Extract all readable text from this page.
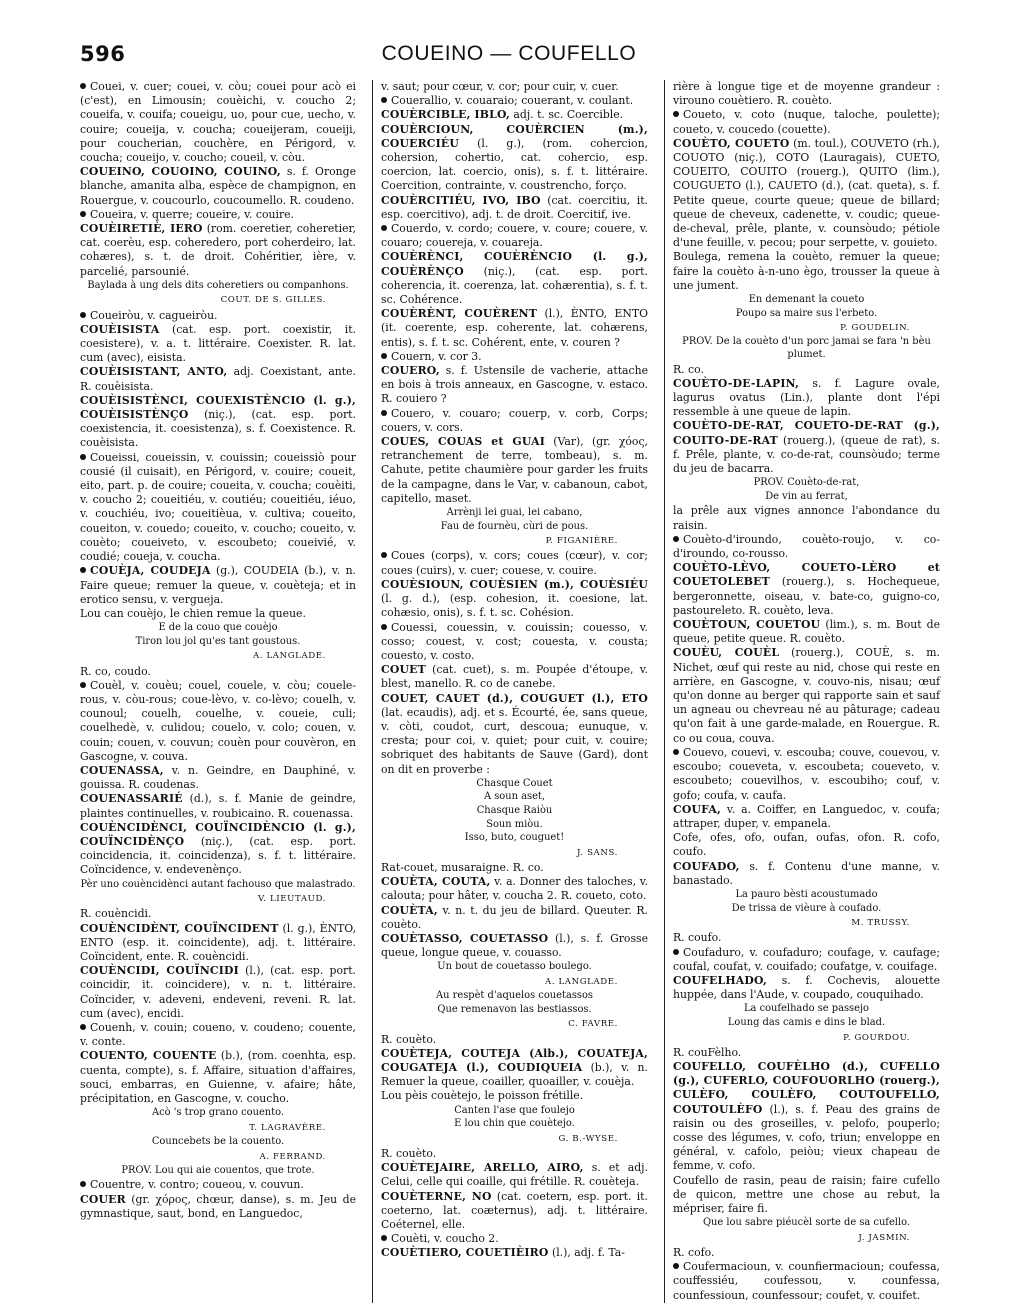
596	COUEINO — COUFELLO

Couei, v. cuer; couei, v. còu; couei pour acò ei (c'est), en Limousin; couèichi, v. coucho 2; coueifa, v. couifa; coueigu, uo, pour cue, uecho, v. couire; coueija, v. coucha; coueijeram, coueiji, pour coucherian, couchère, en Périgord, v. coucha; coueijo, v. coucho; coueil, v. còu.

COUEINO, COUOINO, COUINO, s. f. Oronge blanche, amanita alba, espèce de champignon, en Rouergue, v. coucourlo, coucoumello. R. coudeno.

Coueira, v. querre; coueire, v. couire.

COUÈIRETIÈ, IERO (rom. coeretier, coheretier, cat. coerèu, esp. coheredero, port coherdeiro, lat. cohæres), s. t. de droit. Cohéritier, ière, v. parcelié, parsounié.

Baylada à ung dels dits coheretiers ou companhons.
COUT. DE S. GILLES.

Coueiròu, v. cagueiròu.

COUÈISISTA (cat. esp. port. coexistir, it. coesistere), v. a. t. littéraire. Coexister. R. lat. cum (avec), eisista.

COUÈISISTANT, ANTO, adj. Coexistant, ante. R. couèisista.

COUÈISISTÈNCI, COUEXISTÈNCIO (l. g.), COUÈISISTÈNÇO (niç.), (cat. esp. port. coexistencia, it. coesistenza), s. f. Coexistence. R. couèisista.

Coueissi, coueissin, v. couissin; coueissiò pour cousié (il cuisait), en Périgord, v. couire; coueit, eito, part. p. de couire; coueita, v. coucha; couèiti, v. coucho 2; coueitiéu, v. coutiéu; coueitiéu, iéuo, v. couchiéu, ivo; coueitièua, v. cultiva; coueito, coueiton, v. couedo; coueito, v. coucho; coueito, v. couèto; coueiveto, v. escoubeto; coueivié, v. coudié; coueja, v. coucha.

COUÈJA, COUDEJA (g.), COUDEIA (b.), v. n. Faire queue; remuer la queue, v. couèteja; et in erotico sensu, v. vergueja.

Lou can couèjo, le chien remue la queue.

E de la couo que couèjo
Tiron lou jol qu'es tant goustous.
A. LANGLADE.

R. co, coudo.

Couèl, v. couèu; couel, couele, v. còu; couele-rous, v. còu-rous; coue-lèvo, v. co-lèvo; couelh, v. counoul; couelh, couelhe, v. coueie, culi; couelhedè, v. culidou; couelo, v. colo; couen, v. couin; couen, v. couvun; couèn pour couvèron, en Gascogne, v. couva.

COUENASSA, v. n. Geindre, en Dauphiné, v. gouissa. R. coudenas.

COUENASSARIÉ (d.), s. f. Manie de geindre, plaintes continuelles, v. roubicaino. R. couenassa.

COUÈNCIDÈNCI, COUÏNCIDÈNCIO (l. g.), COUÏNCIDÈNÇO (niç.), (cat. esp. port. coincidencia, it. coincidenza), s. f. t. littéraire. Coïncidence, v. endevenènço.

Pèr uno couèncidènci autant fachouso que malastrado.
V. LIEUTAUD.

R. couèncidi.

COUÈNCIDÈNT, COUÏNCIDENT (l. g.), ÈNTO, ENTO (esp. it. coincidente), adj. t. littéraire. Coïncident, ente. R. couèncidi.

COUÈNCIDI, COUÏNCIDI (l.), (cat. esp. port. coincidir, it. coincidere), v. n. t. littéraire. Coïncider, v. adeveni, endeveni, reveni. R. lat. cum (avec), encidi.

Couenh, v. couin; coueno, v. coudeno; couente, v. conte.

COUENTO, COUENTE (b.), (rom. coenhta, esp. cuenta, compte), s. f. Affaire, situation d'affaires, souci, embarras, en Guienne, v. afaire; hâte, précipitation, en Gascogne, v. coucho.

Acò 's trop grano couento.
T. LAGRAVÈRE.
Councebets be la couento.
A. FERRAND.
PROV. Lou qui aie couentos, que trote.

Couentre, v. contro; coueou, v. couvun.

COUER (gr. χόρος, chœur, danse), s. m. Jeu de gymnastique, saut, bond, en Languedoc,

v. saut; pour cœur, v. cor; pour cuir, v. cuer.

Couerallio, v. couaraio; couerant, v. coulant.

COUÈRCIBLE, IBLO, adj. t. sc. Coercible.

COUÈRCIOUN, COUÈRCIEN (m.), COUERCIÉU (l. g.), (rom. cohercion, cohersion, cohertio, cat. cohercio, esp. coercion, lat. coercio, onis), s. f. t. littéraire. Coercition, contrainte, v. coustrencho, forço.

COUÈRCITIÉU, IVO, IBO (cat. coercitiu, it. esp. coercitivo), adj. t. de droit. Coercitif, ive.

Couerdo, v. cordo; couere, v. coure; couere, v. couaro; couereja, v. couareja.

COUÈRÈNCI, COUÈRÈNCIO (l. g.), COUÈRÈNÇO (niç.), (cat. esp. port. coherencia, it. coerenza, lat. cohærentia), s. f. t. sc. Cohérence.

COUÈRÈNT, COUÈRENT (l.), ÈNTO, ENTO (it. coerente, esp. coherente, lat. cohærens, entis), s. f. t. sc. Cohérent, ente, v. couren ?

Couern, v. cor 3.

COUERO, s. f. Ustensile de vacherie, attache en bois à trois anneaux, en Gascogne, v. estaco. R. couiero ?

Couero, v. couaro; couerp, v. corb, Corps; couers, v. cors.

COUES, COUAS et GUAI (Var), (gr. χόος, retranchement de terre, tombeau), s. m. Cahute, petite chaumière pour garder les fruits de la campagne, dans le Var, v. cabanoun, cabot, capitello, maset.

Arrènji lei guai, lei cabano,
Fau de fournèu, cùri de pous.
P. FIGANIÈRE.

Coues (corps), v. cors; coues (cœur), v. cor; coues (cuirs), v. cuer; couese, v. couire.

COUÈSIOUN, COUÈSIEN (m.), COUÈSIÉU (l. g. d.), (esp. cohesion, it. coesione, lat. cohæsio, onis), s. f. t. sc. Cohésion.

Couessi, couessin, v. couissin; couesso, v. cosso; couest, v. cost; couesta, v. cousta; couesto, v. costo.

COUET (cat. cuet), s. m. Poupée d'étoupe, v. blest, manello. R. co de canebe.

COUET, CAUET (d.), COUGUET (l.), ETO (lat. ecaudis), adj. et s. Écourté, ée, sans queue, v. còti, coudot, curt, descoua; eunuque, v. cresta; pour coi, v. quiet; pour cuit, v. couire; sobriquet des habitants de Sauve (Gard), dont on dit en proverbe :

Chasque Couet
A soun aset,
Chasque Raiòu
Soun miòu.
Isso, buto, couguet!
J. SANS.

Rat-couet, musaraigne. R. co.

COUÈTA, COUTA, v. a. Donner des taloches, v. calouta; pour hâter, v. coucha 2. R. coueto, coto.

COUÈTA, v. n. t. du jeu de billard. Queuter. R. couèto.

COUÈTASSO, COUETASSO (l.), s. f. Grosse queue, longue queue, v. couasso.

Un bout de couetasso boulego.
A. LANGLADE.
Au respèt d'aquelos couetassos
Que remenavon las bestiassos.
C. FAVRE.

R. couèto.

COUÈTEJA, COUTEJA (Alb.), COUATEJA, COUGATEJA (l.), COUDIQUEIA (b.), v. n. Remuer la queue, coailler, quoailler, v. couèja.

Lou pèis couètejo, le poisson frétille.

Canten l'ase que foulejo
E lou chin que couètejo.
G. B.-WYSE.

R. couèto.

COUÈTEJAIRE, ARELLO, AIRO, s. et adj. Celui, celle qui coaille, qui frétille. R. couèteja.

COUÈTERNE, NO (cat. coetern, esp. port. it. coeterno, lat. coæternus), adj. t. littéraire. Coéternel, elle.

Couèti, v. coucho 2.

COUÈTIERO, COUETIÈIRO (l.), adj. f. Ta-

rière à longue tige et de moyenne grandeur : virouno couètiero. R. couèto.

Coueto, v. coto (nuque, taloche, poulette); coueto, v. coucedo (couette).

COUÈTO, COUETO (m. toul.), COUVETO (rh.), COUOTO (niç.), COTO (Lauragais), CUETO, COUEITO, COUITO (rouerg.), QUITO (lim.), COUGUETO (l.), CAUETO (d.), (cat. queta), s. f. Petite queue, courte queue; queue de billard; queue de cheveux, cadenette, v. coudic; queue-de-cheval, prêle, plante, v. counsòudo; pétiole d'une feuille, v. pecou; pour serpette, v. gouieto.

Boulega, remena la couèto, remuer la queue; faire la couèto à-n-uno ègo, trousser la queue à une jument.

En demenant la coueto
Poupo sa maire sus l'erbeto.
P. GOUDELIN.
PROV. De la couèto d'un porc jamai se fara 'n bèu plumet.

R. co.

COUÈTO-DE-LAPIN, s. f. Lagure ovale, lagurus ovatus (Lin.), plante dont l'épi ressemble à une queue de lapin.

COUÈTO-DE-RAT, COUETO-DE-RAT (g.), COUITO-DE-RAT (rouerg.), (queue de rat), s. f. Prêle, plante, v. co-de-rat, counsòudo; terme du jeu de bacarra.

PROV. Couèto-de-rat,
De vin au ferrat,

la prêle aux vignes annonce l'abondance du raisin.

Couèto-d'iroundo, couèto-roujo, v. co-d'iroundo, co-rousso.

COUÈTO-LÈVO, COUETO-LÈRO et COUETOLEBET (rouerg.), s. Hochequeue, bergeronnette, oiseau, v. bate-co, guigno-co, pastoureleto. R. couèto, leva.

COUÈTOUN, COUETOU (lim.), s. m. Bout de queue, petite queue. R. couèto.

COUÈU, COUÈL (rouerg.), COUÈ, s. m. Nichet, œuf qui reste au nid, chose qui reste en arrière, en Gascogne, v. couvo-nis, nisau; œuf qu'on donne au berger qui rapporte sain et sauf un agneau ou chevreau né au pâturage; cadeau qu'on fait à une garde-malade, en Rouergue. R. co ou coua, couva.

Couevo, couevi, v. escouba; couve, couevou, v. escoubo; coueveta, v. escoubeta; coueveto, v. escoubeto; couevilhos, v. escoubiho; couf, v. gofo; coufa, v. caufa.

COUFA, v. a. Coiffer, en Languedoc, v. coufa; attraper, duper, v. empanela.

Cofe, ofes, ofo, oufan, oufas, ofon. R. cofo, coufo.

COUFADO, s. f. Contenu d'une manne, v. banastado.

La pauro bèsti acoustumado
De trissa de vièure à coufado.
M. TRUSSY.

R. coufo.

Coufaduro, v. coufaduro; coufage, v. caufage; coufal, coufat, v. couifado; coufatge, v. couifage.

COUFELHADO, s. f. Cochevis, alouette huppée, dans l'Aude, v. coupado, couquihado.

La coufelhado se passejo
Loung das camis e dins le blad.
P. GOURDOU.

R. couFèlho.

COUFELLO, COUFÈLHO (d.), CUFELLO (g.), CUFERLO, COUFOUORLHO (rouerg.), CULÈFO, COULÈFO, COUTOUFELLO, COUTOULÈFO (l.), s. f. Peau des grains de raisin ou des groseilles, v. pelofo, pouperlo; cosse des légumes, v. cofo, triun; enveloppe en général, v. cafolo, peiòu; vieux chapeau de femme, v. cofo.

Coufello de rasin, peau de raisin; faire cufello de quicon, mettre une chose au rebut, la mépriser, faire fi.

Que lou sabre piéucèl sorte de sa cufello.
J. JASMIN.

R. cofo.

Coufermacioun, v. counfiermacioun; coufessa, couffessiéu, coufessou, v. counfessa, counfessioun, counfessour; coufet, v. couifet.
